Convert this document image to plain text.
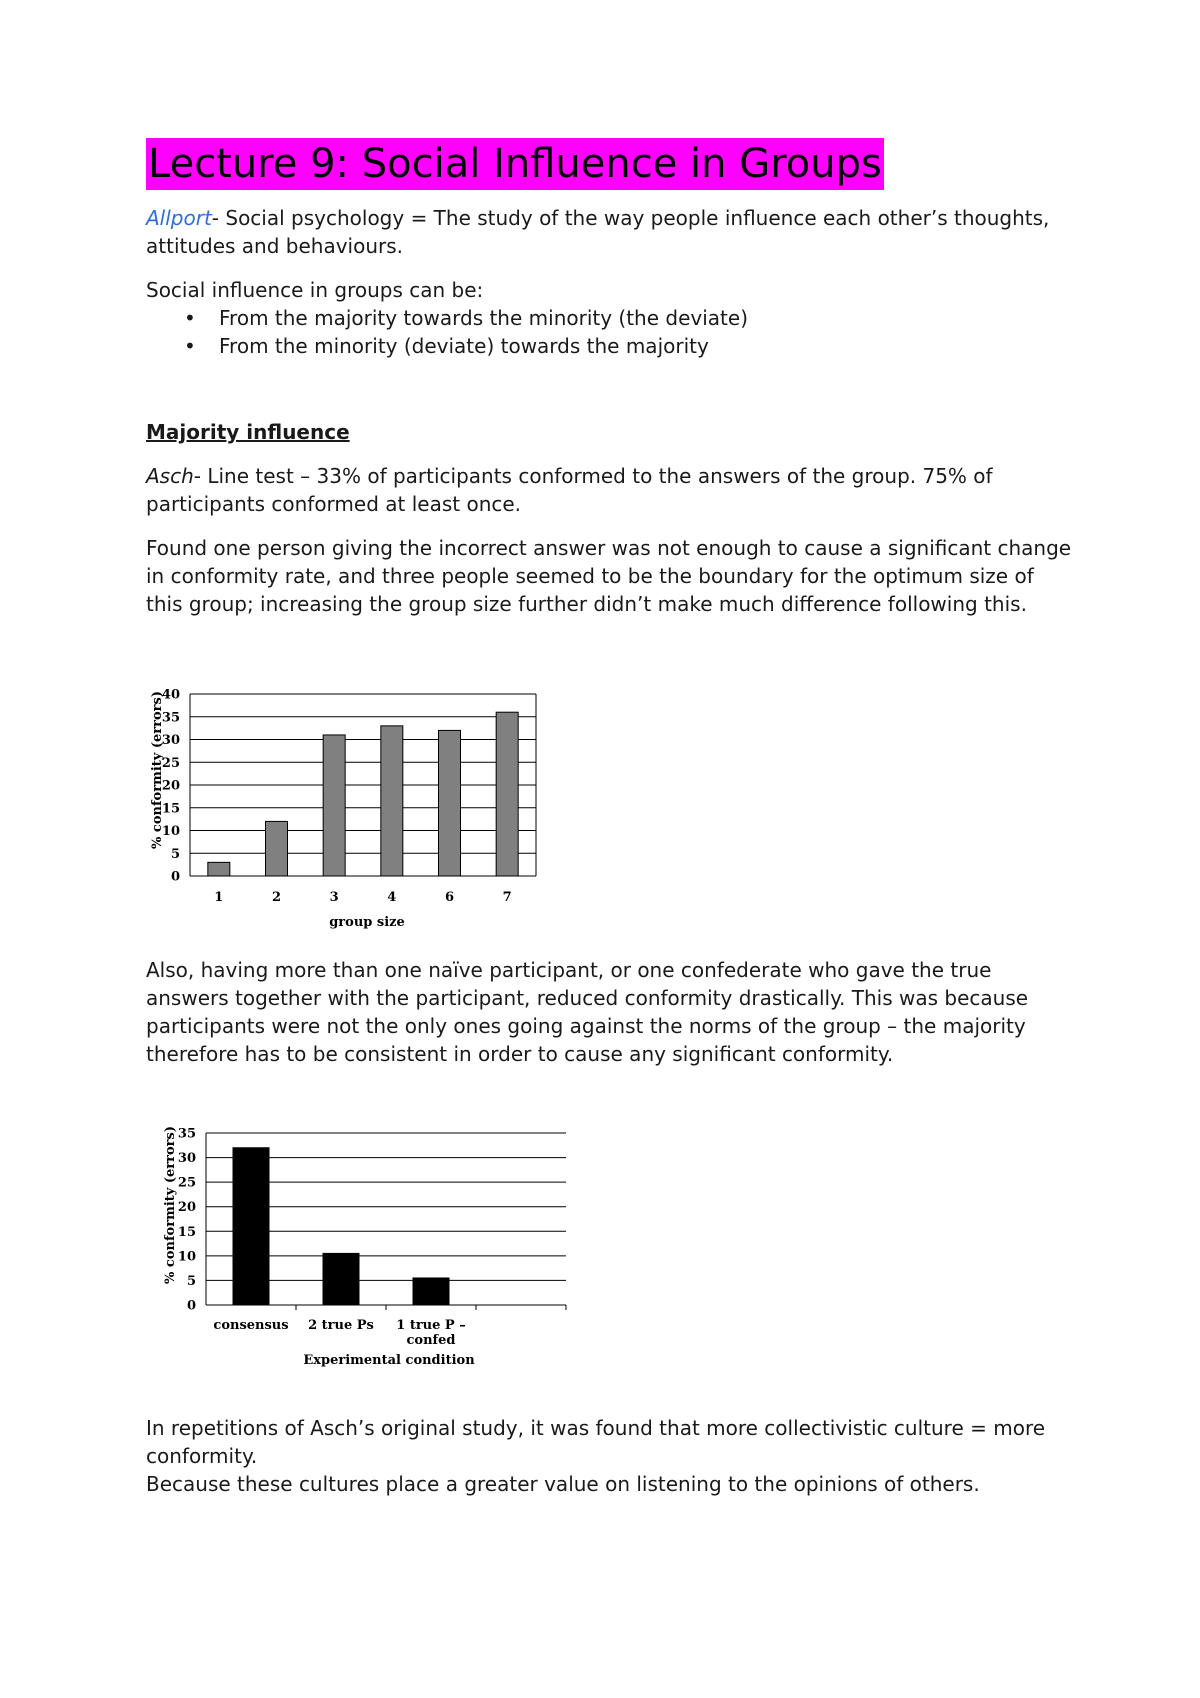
Lecture 9: Social Influence in Groups

Allport- Social psychology = The study of the way people influence each other’s thoughts, attitudes and behaviours.

Social influence in groups can be:

• From the majority towards the minority (the deviate)
• From the minority (deviate) towards the majority

Majority influence

Asch- Line test – 33% of participants conformed to the answers of the group. 75% of participants conformed at least once.

Found one person giving the incorrect answer was not enough to cause a significant change in conformity rate, and three people seemed to be the boundary for the optimum size of this group; increasing the group size further didn’t make much difference following this.

0
5
10
15
20
25
30
35
40
1	2	3	4	6	7
% conformity (errors)
group size

Also, having more than one naïve participant, or one confederate who gave the true answers together with the participant, reduced conformity drastically. This was because participants were not the only ones going against the norms of the group – the majority therefore has to be consistent in order to cause any significant conformity.

0
5
10
15
20
25
30
35
consensus 2 true Ps 1 true P –
confed
% conformity (errors)
Experimental condition

In repetitions of Asch’s original study, it was found that more collectivistic culture = more conformity.

Because these cultures place a greater value on listening to the opinions of others.
